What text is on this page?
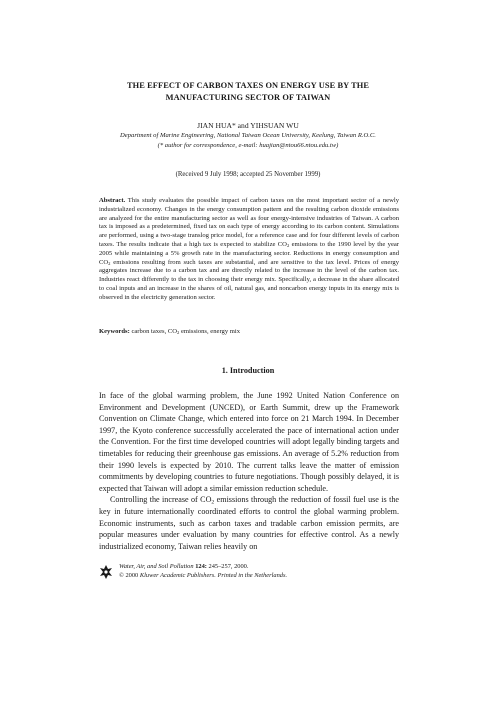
THE EFFECT OF CARBON TAXES ON ENERGY USE BY THE
MANUFACTURING SECTOR OF TAIWAN
JIAN HUA* and YIHSUAN WU
Department of Marine Engineering, National Taiwan Ocean University, Keelung, Taiwan R.O.C.
(* author for correspondence, e-mail: huajian@ntou66.ntou.edu.tw)
(Received 9 July 1998; accepted 25 November 1999)
Abstract. This study evaluates the possible impact of carbon taxes on the most important sector of a newly industrialized economy. Changes in the energy consumption pattern and the resulting carbon dioxide emissions are analyzed for the entire manufacturing sector as well as four energy-intensive industries of Taiwan. A carbon tax is imposed as a predetermined, fixed tax on each type of energy according to its carbon content. Simulations are performed, using a two-stage translog price model, for a reference case and for four different levels of carbon taxes. The results indicate that a high tax is expected to stabilize $CO_2$ emissions to the 1990 level by the year 2005 while maintaining a 5% growth rate in the manufacturing sector. Reductions in energy consumption and $CO_2$ emissions resulting from such taxes are substantial, and are sensitive to the tax level. Prices of energy aggregates increase due to a carbon tax and are directly related to the increase in the level of the carbon tax. Industries react differently to the tax in choosing their energy mix. Specifically, a decrease in the share allocated to coal inputs and an increase in the shares of oil, natural gas, and noncarbon energy inputs in its energy mix is observed in the electricity generation sector.
Keywords: carbon taxes, $CO_2$ emissions, energy mix
1. Introduction

In face of the global warming problem, the June 1992 United Nation Conference on Environment and Development (UNCED), or Earth Summit, drew up the Framework Convention on Climate Change, which entered into force on 21 March 1994. In December 1997, the Kyoto conference successfully accelerated the pace of international action under the Convention. For the first time developed countries will adopt legally binding targets and timetables for reducing their greenhouse gas emissions. An average of 5.2% reduction from their 1990 levels is expected by 2010. The current talks leave the matter of emission commitments by developing countries to future negotiations. Though possibly delayed, it is expected that Taiwan will adopt a similar emission reduction schedule.

Controlling the increase of $CO_2$ emissions through the reduction of fossil fuel use is the key in future internationally coordinated efforts to control the global warming problem. Economic instruments, such as carbon taxes and tradable carbon emission permits, are popular measures under evaluation by many countries for effective control. As a newly industrialized economy, Taiwan relies heavily on

Water, Air, and Soil Pollution 124: 245–257, 2000.
© 2000 Kluwer Academic Publishers. Printed in the Netherlands.
